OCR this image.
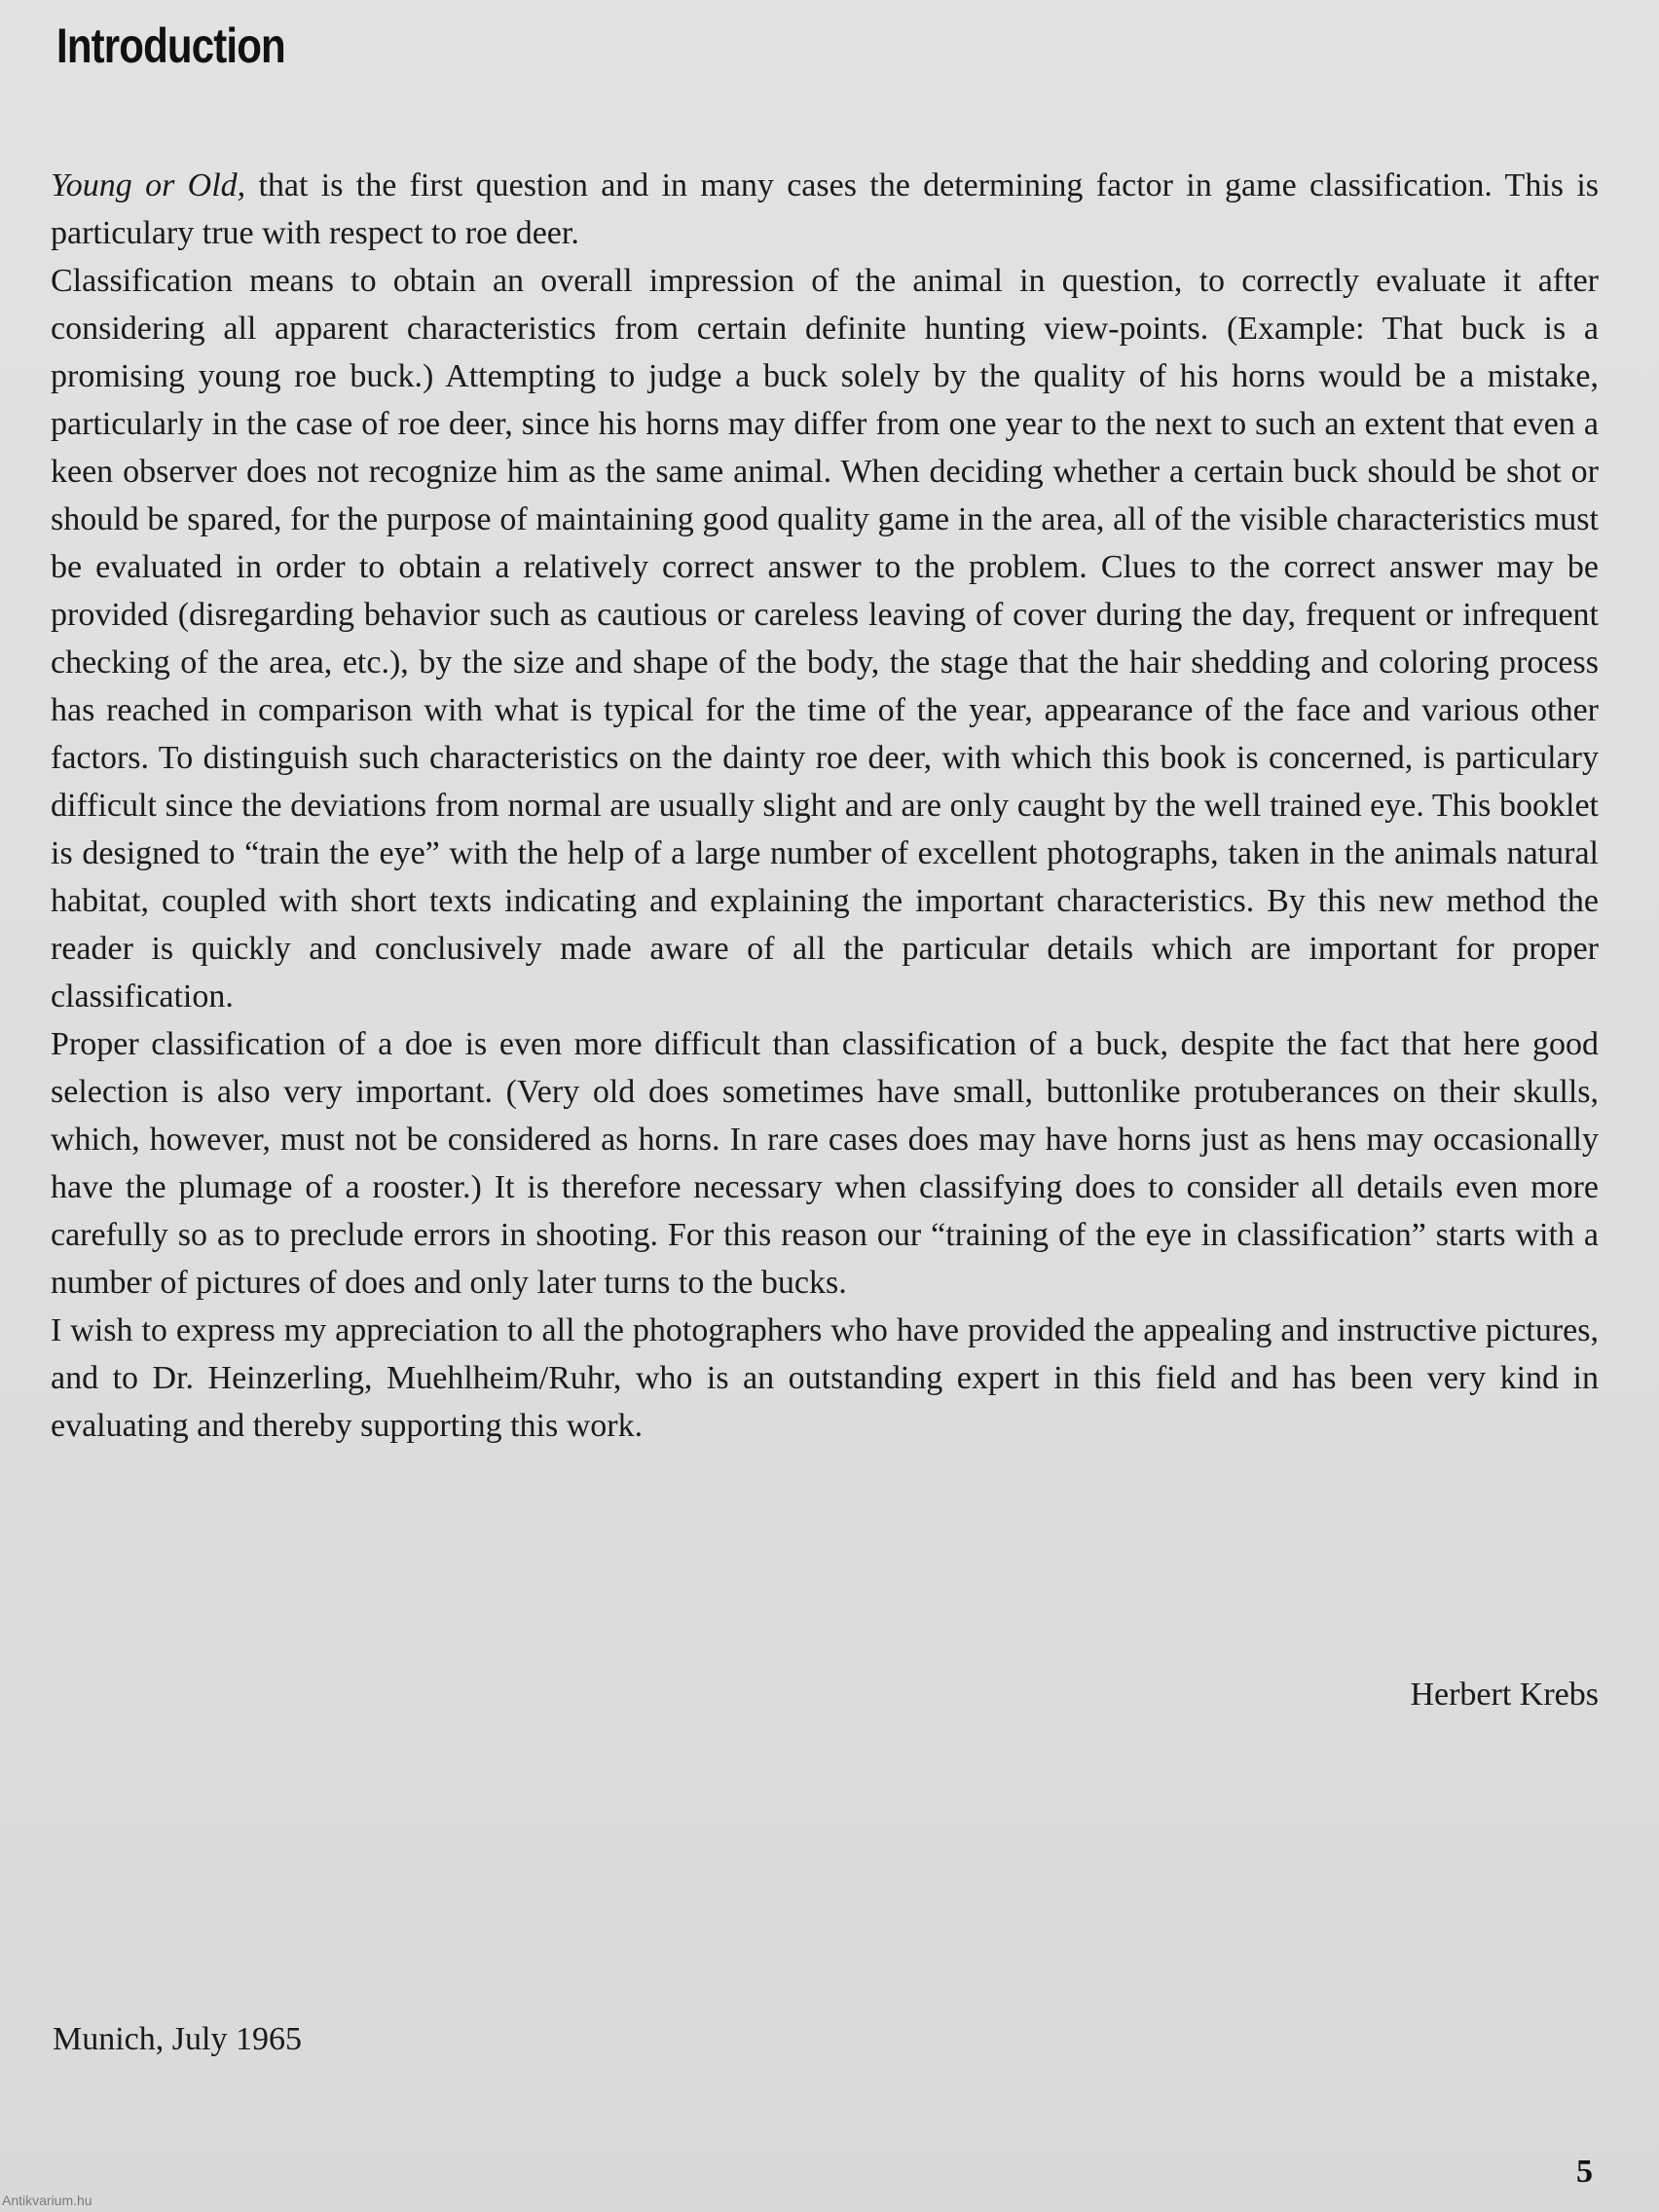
Introduction

Young or Old, that is the first question and in many cases the determining factor in game classification. This is particulary true with respect to roe deer.

Classification means to obtain an overall impression of the animal in question, to correctly evaluate it after considering all apparent characteristics from certain definite hunting view-points. (Example: That buck is a promising young roe buck.) Attempting to judge a buck solely by the quality of his horns would be a mistake, particularly in the case of roe deer, since his horns may differ from one year to the next to such an extent that even a keen observer does not recognize him as the same animal. When deciding whether a certain buck should be shot or should be spared, for the purpose of maintaining good quality game in the area, all of the visible characteristics must be evaluated in order to obtain a relatively correct answer to the problem. Clues to the correct answer may be provided (disregarding behavior such as cautious or careless leaving of cover during the day, frequent or infrequent checking of the area, etc.), by the size and shape of the body, the stage that the hair shedding and coloring process has reached in comparison with what is typical for the time of the year, appearance of the face and various other factors. To distinguish such characteristics on the dainty roe deer, with which this book is concerned, is particulary difficult since the deviations from normal are usually slight and are only caught by the well trained eye. This booklet is designed to “train the eye” with the help of a large number of excellent photographs, taken in the animals natural habitat, coupled with short texts indicating and explaining the important characteristics. By this new method the reader is quickly and conclusively made aware of all the particular details which are important for proper classification.

Proper classification of a doe is even more difficult than classification of a buck, despite the fact that here good selection is also very important. (Very old does sometimes have small, buttonlike protuberances on their skulls, which, however, must not be considered as horns. In rare cases does may have horns just as hens may occasionally have the plumage of a rooster.) It is therefore necessary when classifying does to consider all details even more carefully so as to preclude errors in shooting. For this reason our “training of the eye in classification” starts with a number of pictures of does and only later turns to the bucks.

I wish to express my appreciation to all the photographers who have provided the appealing and instructive pictures, and to Dr. Heinzerling, Muehlheim/Ruhr, who is an outstanding expert in this field and has been very kind in evaluating and thereby supporting this work.

Herbert Krebs
Munich, July 1965
5
Antikvarium.hu
